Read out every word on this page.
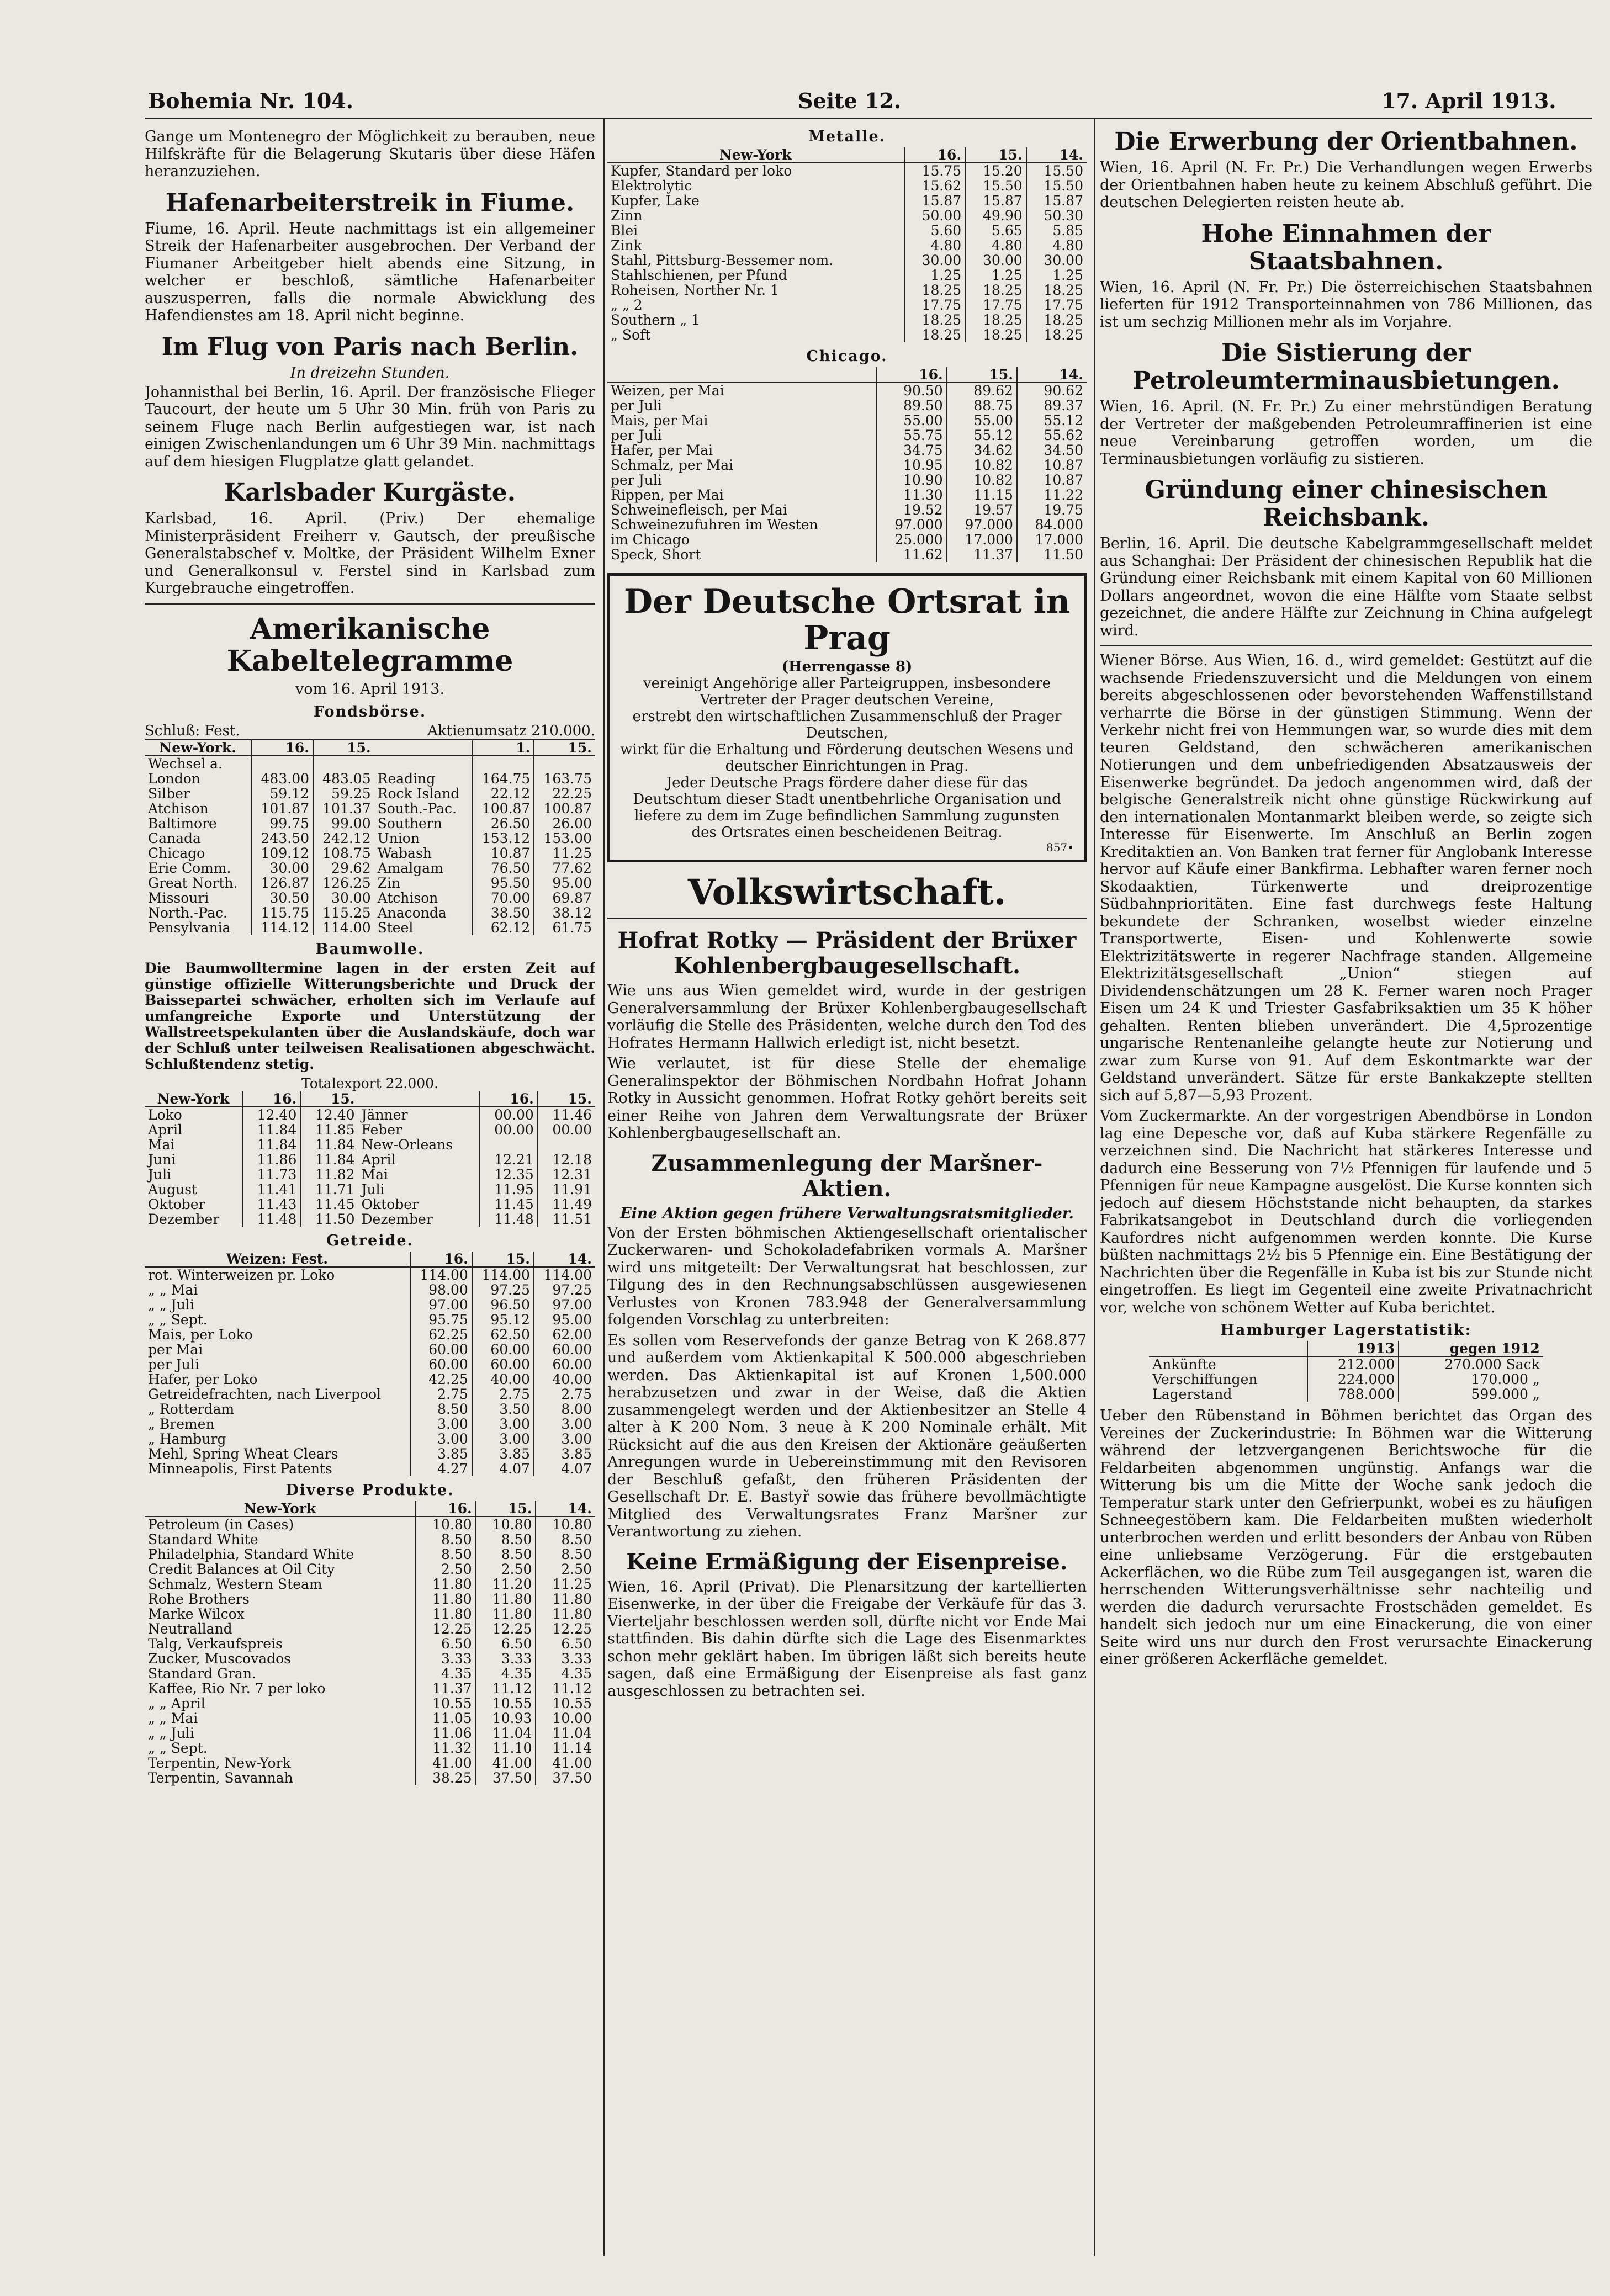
Bohemia Nr. 104.	Seite 12.	17. April 1913.

Gange um Montenegro der Möglichkeit zu berauben, neue Hilfskräfte für die Belagerung Skutaris über diese Häfen heranzuziehen.

Hafenarbeiterstreik in Fiume.

Fiume, 16. April. Heute nachmittags ist ein allgemeiner Streik der Hafenarbeiter ausgebrochen. Der Verband der Fiumaner Arbeitgeber hielt abends eine Sitzung, in welcher er beschloß, sämtliche Hafenarbeiter auszusperren, falls die normale Abwicklung des Hafendienstes am 18. April nicht beginne.

Im Flug von Paris nach Berlin.
In dreizehn Stunden.

Johannisthal bei Berlin, 16. April. Der französische Flieger Taucourt, der heute um 5 Uhr 30 Min. früh von Paris zu seinem Fluge nach Berlin aufgestiegen war, ist nach einigen Zwischenlandungen um 6 Uhr 39 Min. nachmittags auf dem hiesigen Flugplatze glatt gelandet.

Karlsbader Kurgäste.

Karlsbad, 16. April. (Priv.) Der ehemalige Ministerpräsident Freiherr v. Gautsch, der preußische Generalstabschef v. Moltke, der Präsident Wilhelm Exner und Generalkonsul v. Ferstel sind in Karlsbad zum Kurgebrauche eingetroffen.

Amerikanische Kabeltelegramme
vom 16. April 1913.
Fondsbörse.
Schluß: Fest.	Aktienumsatz 210.000.
New-York.	16.	15.		1.	15.
Wechsel a.					
London	483.00	483.05	Reading	164.75	163.75
Silber	59.12	59.25	Rock Island	22.12	22.25
Atchison	101.87	101.37	South.-Pac.	100.87	100.87
Baltimore	99.75	99.00	Southern	26.50	26.00
Canada	243.50	242.12	Union	153.12	153.00
Chicago	109.12	108.75	Wabash	10.87	11.25
Erie Comm.	30.00	29.62	Amalgam	76.50	77.62
Great North.	126.87	126.25	Zin	95.50	95.00
Missouri	30.50	30.00	Atchison	70.00	69.87
North.-Pac.	115.75	115.25	Anaconda	38.50	38.12
Pensylvania	114.12	114.00	Steel	62.12	61.75
Baumwolle.

Die Baumwolltermine lagen in der ersten Zeit auf günstige offizielle Witterungsberichte und Druck der Baissepartei schwächer, erholten sich im Verlaufe auf umfangreiche Exporte und Unterstützung der Wallstreetspekulanten über die Auslandskäufe, doch war der Schluß unter teilweisen Realisationen abgeschwächt. Schlußtendenz stetig.

Totalexport 22.000.
New-York	16.	15.		16.	15.
Loko	12.40	12.40	Jänner	00.00	11.46
April	11.84	11.85	Feber	00.00	00.00
Mai	11.84	11.84	New-Orleans		
Juni	11.86	11.84	April	12.21	12.18
Juli	11.73	11.82	Mai	12.35	12.31
August	11.41	11.71	Juli	11.95	11.91
Oktober	11.43	11.45	Oktober	11.45	11.49
Dezember	11.48	11.50	Dezember	11.48	11.51
Getreide.
Weizen: Fest.	16.	15.	14.
rot. Winterweizen pr. Loko	114.00	114.00	114.00
„ „ Mai	98.00	97.25	97.25
„ „ Juli	97.00	96.50	97.00
„ „ Sept.	95.75	95.12	95.00
Mais, per Loko	62.25	62.50	62.00
per Mai	60.00	60.00	60.00
per Juli	60.00	60.00	60.00
Hafer, per Loko	42.25	40.00	40.00
Getreidefrachten, nach Liverpool	2.75	2.75	2.75
„ Rotterdam	8.50	3.50	8.00
„ Bremen	3.00	3.00	3.00
„ Hamburg	3.00	3.00	3.00
Mehl, Spring Wheat Clears	3.85	3.85	3.85
Minneapolis, First Patents	4.27	4.07	4.07
Diverse Produkte.
New-York	16.	15.	14.
Petroleum (in Cases)	10.80	10.80	10.80
Standard White	8.50	8.50	8.50
Philadelphia, Standard White	8.50	8.50	8.50
Credit Balances at Oil City	2.50	2.50	2.50
Schmalz, Western Steam	11.80	11.20	11.25
Rohe Brothers	11.80	11.80	11.80
Marke Wilcox	11.80	11.80	11.80
Neutralland	12.25	12.25	12.25
Talg, Verkaufspreis	6.50	6.50	6.50
Zucker, Muscovados	3.33	3.33	3.33
Standard Gran.	4.35	4.35	4.35
Kaffee, Rio Nr. 7 per loko	11.37	11.12	11.12
„ „ April	10.55	10.55	10.55
„ „ Mai	11.05	10.93	10.00
„ „ Juli	11.06	11.04	11.04
„ „ Sept.	11.32	11.10	11.14
Terpentin, New-York	41.00	41.00	41.00
Terpentin, Savannah	38.25	37.50	37.50
Metalle.
New-York	16.	15.	14.
Kupfer, Standard per loko	15.75	15.20	15.50
Elektrolytic	15.62	15.50	15.50
Kupfer, Lake	15.87	15.87	15.87
Zinn	50.00	49.90	50.30
Blei	5.60	5.65	5.85
Zink	4.80	4.80	4.80
Stahl, Pittsburg-Bessemer nom.	30.00	30.00	30.00
Stahlschienen, per Pfund	1.25	1.25	1.25
Roheisen, Norther Nr. 1	18.25	18.25	18.25
„ „ 2	17.75	17.75	17.75
Southern „ 1	18.25	18.25	18.25
„ Soft	18.25	18.25	18.25
Chicago.
	16.	15.	14.
Weizen, per Mai	90.50	89.62	90.62
per Juli	89.50	88.75	89.37
Mais, per Mai	55.00	55.00	55.12
per Juli	55.75	55.12	55.62
Hafer, per Mai	34.75	34.62	34.50
Schmalz, per Mai	10.95	10.82	10.87
per Juli	10.90	10.82	10.87
Rippen, per Mai	11.30	11.15	11.22
Schweinefleisch, per Mai	19.52	19.57	19.75
Schweinezufuhren im Westen	97.000	97.000	84.000
im Chicago	25.000	17.000	17.000
Speck, Short	11.62	11.37	11.50
Der Deutsche Ortsrat in Prag

(Herrengasse 8)

vereinigt Angehörige aller Parteigruppen, insbesondere Vertreter der Prager deutschen Vereine,

erstrebt den wirtschaftlichen Zusammenschluß der Prager Deutschen,

wirkt für die Erhaltung und Förderung deutschen Wesens und deutscher Einrichtungen in Prag.

Jeder Deutsche Prags fördere daher diese für das Deutschtum dieser Stadt unentbehrliche Organisation und liefere zu dem im Zuge befindlichen Sammlung zugunsten des Ortsrates einen bescheidenen Beitrag.

857•
Volkswirtschaft.
Hofrat Rotky — Präsident der Brüxer Kohlenbergbaugesellschaft.

Wie uns aus Wien gemeldet wird, wurde in der gestrigen Generalversammlung der Brüxer Kohlenbergbaugesellschaft vorläufig die Stelle des Präsidenten, welche durch den Tod des Hofrates Hermann Hallwich erledigt ist, nicht besetzt.

Wie verlautet, ist für diese Stelle der ehemalige Generalinspektor der Böhmischen Nordbahn Hofrat Johann Rotky in Aussicht genommen. Hofrat Rotky gehört bereits seit einer Reihe von Jahren dem Verwaltungsrate der Brüxer Kohlenbergbaugesellschaft an.

Zusammenlegung der Maršner-Aktien.
Eine Aktion gegen frühere Verwaltungsratsmitglieder.

Von der Ersten böhmischen Aktiengesellschaft orientalischer Zuckerwaren- und Schokoladefabriken vormals A. Maršner wird uns mitgeteilt: Der Verwaltungsrat hat beschlossen, zur Tilgung des in den Rechnungsabschlüssen ausgewiesenen Verlustes von Kronen 783.948 der Generalversammlung folgenden Vorschlag zu unterbreiten:

Es sollen vom Reservefonds der ganze Betrag von K 268.877 und außerdem vom Aktienkapital K 500.000 abgeschrieben werden. Das Aktienkapital ist auf Kronen 1,500.000 herabzusetzen und zwar in der Weise, daß die Aktien zusammengelegt werden und der Aktienbesitzer an Stelle 4 alter à K 200 Nom. 3 neue à K 200 Nominale erhält. Mit Rücksicht auf die aus den Kreisen der Aktionäre geäußerten Anregungen wurde in Uebereinstimmung mit den Revisoren der Beschluß gefaßt, den früheren Präsidenten der Gesellschaft Dr. E. Bastyř sowie das frühere bevollmächtigte Mitglied des Verwaltungsrates Franz Maršner zur Verantwortung zu ziehen.

Keine Ermäßigung der Eisenpreise.

Wien, 16. April (Privat). Die Plenarsitzung der kartellierten Eisenwerke, in der über die Freigabe der Verkäufe für das 3. Vierteljahr beschlossen werden soll, dürfte nicht vor Ende Mai stattfinden. Bis dahin dürfte sich die Lage des Eisenmarktes schon mehr geklärt haben. Im übrigen läßt sich bereits heute sagen, daß eine Ermäßigung der Eisenpreise als fast ganz ausgeschlossen zu betrachten sei.

Die Erwerbung der Orientbahnen.

Wien, 16. April (N. Fr. Pr.) Die Verhandlungen wegen Erwerbs der Orientbahnen haben heute zu keinem Abschluß geführt. Die deutschen Delegierten reisten heute ab.

Hohe Einnahmen der Staatsbahnen.

Wien, 16. April (N. Fr. Pr.) Die österreichischen Staatsbahnen lieferten für 1912 Transporteinnahmen von 786 Millionen, das ist um sechzig Millionen mehr als im Vorjahre.

Die Sistierung der Petroleumterminausbietungen.

Wien, 16. April. (N. Fr. Pr.) Zu einer mehrstündigen Beratung der Vertreter der maßgebenden Petroleumraffinerien ist eine neue Vereinbarung getroffen worden, um die Terminausbietungen vorläufig zu sistieren.

Gründung einer chinesischen Reichsbank.

Berlin, 16. April. Die deutsche Kabelgrammgesellschaft meldet aus Schanghai: Der Präsident der chinesischen Republik hat die Gründung einer Reichsbank mit einem Kapital von 60 Millionen Dollars angeordnet, wovon die eine Hälfte vom Staate selbst gezeichnet, die andere Hälfte zur Zeichnung in China aufgelegt wird.

Wiener Börse. Aus Wien, 16. d., wird gemeldet: Gestützt auf die wachsende Friedenszuversicht und die Meldungen von einem bereits abgeschlossenen oder bevorstehenden Waffenstillstand verharrte die Börse in der günstigen Stimmung. Wenn der Verkehr nicht frei von Hemmungen war, so wurde dies mit dem teuren Geldstand, den schwächeren amerikanischen Notierungen und dem unbefriedigenden Absatzausweis der Eisenwerke begründet. Da jedoch angenommen wird, daß der belgische Generalstreik nicht ohne günstige Rückwirkung auf den internationalen Montanmarkt bleiben werde, so zeigte sich Interesse für Eisenwerte. Im Anschluß an Berlin zogen Kreditaktien an. Von Banken trat ferner für Anglobank Interesse hervor auf Käufe einer Bankfirma. Lebhafter waren ferner noch Skodaaktien, Türkenwerte und dreiprozentige Südbahnprioritäten. Eine fast durchwegs feste Haltung bekundete der Schranken, woselbst wieder einzelne Transportwerte, Eisen- und Kohlenwerte sowie Elektrizitätswerte in regerer Nachfrage standen. Allgemeine Elektrizitätsgesellschaft „Union“ stiegen auf Dividendenschätzungen um 28 K. Ferner waren noch Prager Eisen um 24 K und Triester Gasfabriksaktien um 35 K höher gehalten. Renten blieben unverändert. Die 4,5prozentige ungarische Rentenanleihe gelangte heute zur Notierung und zwar zum Kurse von 91. Auf dem Eskontmarkte war der Geldstand unverändert. Sätze für erste Bankakzepte stellten sich auf 5,87—5,93 Prozent.

Vom Zuckermarkte. An der vorgestrigen Abendbörse in London lag eine Depesche vor, daß auf Kuba stärkere Regenfälle zu verzeichnen sind. Die Nachricht hat stärkeres Interesse und dadurch eine Besserung von 7½ Pfennigen für laufende und 5 Pfennigen für neue Kampagne ausgelöst. Die Kurse konnten sich jedoch auf diesem Höchststande nicht behaupten, da starkes Fabrikatsangebot in Deutschland durch die vorliegenden Kaufordres nicht aufgenommen werden konnte. Die Kurse büßten nachmittags 2½ bis 5 Pfennige ein. Eine Bestätigung der Nachrichten über die Regenfälle in Kuba ist bis zur Stunde nicht eingetroffen. Es liegt im Gegenteil eine zweite Privatnachricht vor, welche von schönem Wetter auf Kuba berichtet.

Hamburger Lagerstatistik:
	1913	gegen 1912
Ankünfte	212.000	270.000 Sack
Verschiffungen	224.000	170.000 „
Lagerstand	788.000	599.000 „

Ueber den Rübenstand in Böhmen berichtet das Organ des Vereines der Zuckerindustrie: In Böhmen war die Witterung während der letzvergangenen Berichtswoche für die Feldarbeiten abgenommen ungünstig. Anfangs war die Witterung bis um die Mitte der Woche sank jedoch die Temperatur stark unter den Gefrierpunkt, wobei es zu häufigen Schneegestöbern kam. Die Feldarbeiten mußten wiederholt unterbrochen werden und erlitt besonders der Anbau von Rüben eine unliebsame Verzögerung. Für die erstgebauten Ackerflächen, wo die Rübe zum Teil ausgegangen ist, waren die herrschenden Witterungsverhältnisse sehr nachteilig und werden die dadurch verursachte Frostschäden gemeldet. Es handelt sich jedoch nur um eine Einackerung, die von einer Seite wird uns nur durch den Frost verursachte Einackerung einer größeren Ackerfläche gemeldet.
